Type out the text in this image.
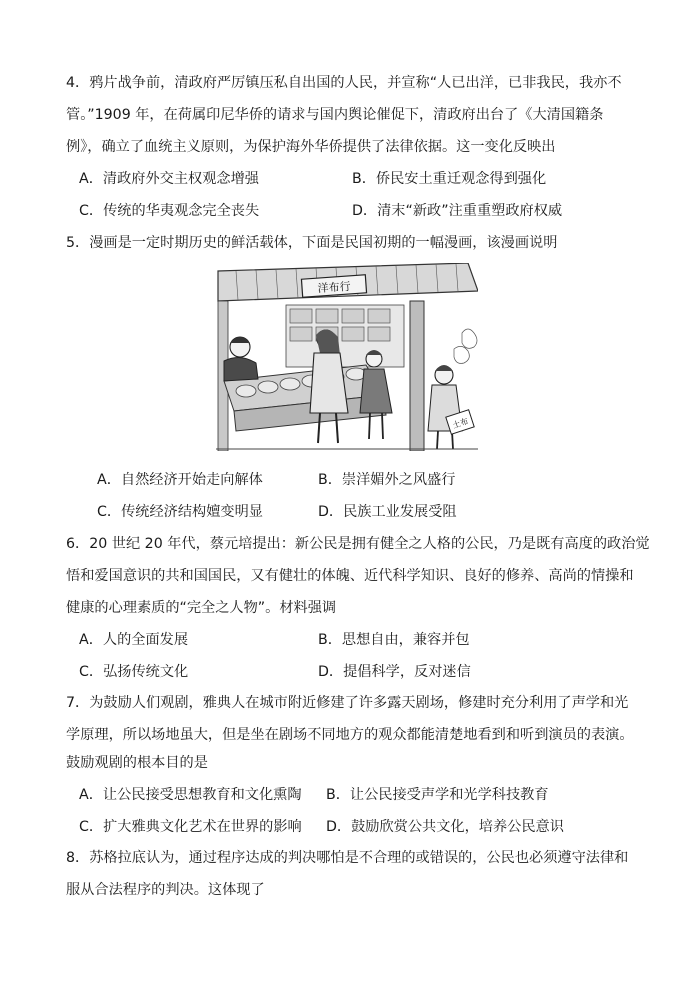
4．鸦片战争前，清政府严厉镇压私自出国的人民，并宣称“人已出洋，已非我民，我亦不
管。”1909 年，在荷属印尼华侨的请求与国内舆论催促下，清政府出台了《大清国籍条
例》，确立了血统主义原则，为保护海外华侨提供了法律依据。这一变化反映出
A．清政府外交主权观念增强	B．侨民安土重迁观念得到强化
C．传统的华夷观念完全丧失	D．清末“新政”注重重塑政府权威
5．漫画是一定时期历史的鲜活载体，下面是民国初期的一幅漫画，该漫画说明
洋布行
土布
A．自然经济开始走向解体	B．崇洋媚外之风盛行
C．传统经济结构嬗变明显	D．民族工业发展受阻
6．20 世纪 20 年代，蔡元培提出：新公民是拥有健全之人格的公民，乃是既有高度的政治觉
悟和爱国意识的共和国国民，又有健壮的体魄、近代科学知识、良好的修养、高尚的情操和
健康的心理素质的“完全之人物”。材料强调
A．人的全面发展	B．思想自由，兼容并包
C．弘扬传统文化	D．提倡科学，反对迷信
7．为鼓励人们观剧，雅典人在城市附近修建了许多露天剧场，修建时充分利用了声学和光
学原理，所以场地虽大，但是坐在剧场不同地方的观众都能清楚地看到和听到演员的表演。
鼓励观剧的根本目的是
A．让公民接受思想教育和文化熏陶 B．让公民接受声学和光学科技教育
C．扩大雅典文化艺术在世界的影响 D．鼓励欣赏公共文化，培养公民意识
8．苏格拉底认为，通过程序达成的判决哪怕是不合理的或错误的，公民也必须遵守法律和
服从合法程序的判决。这体现了
